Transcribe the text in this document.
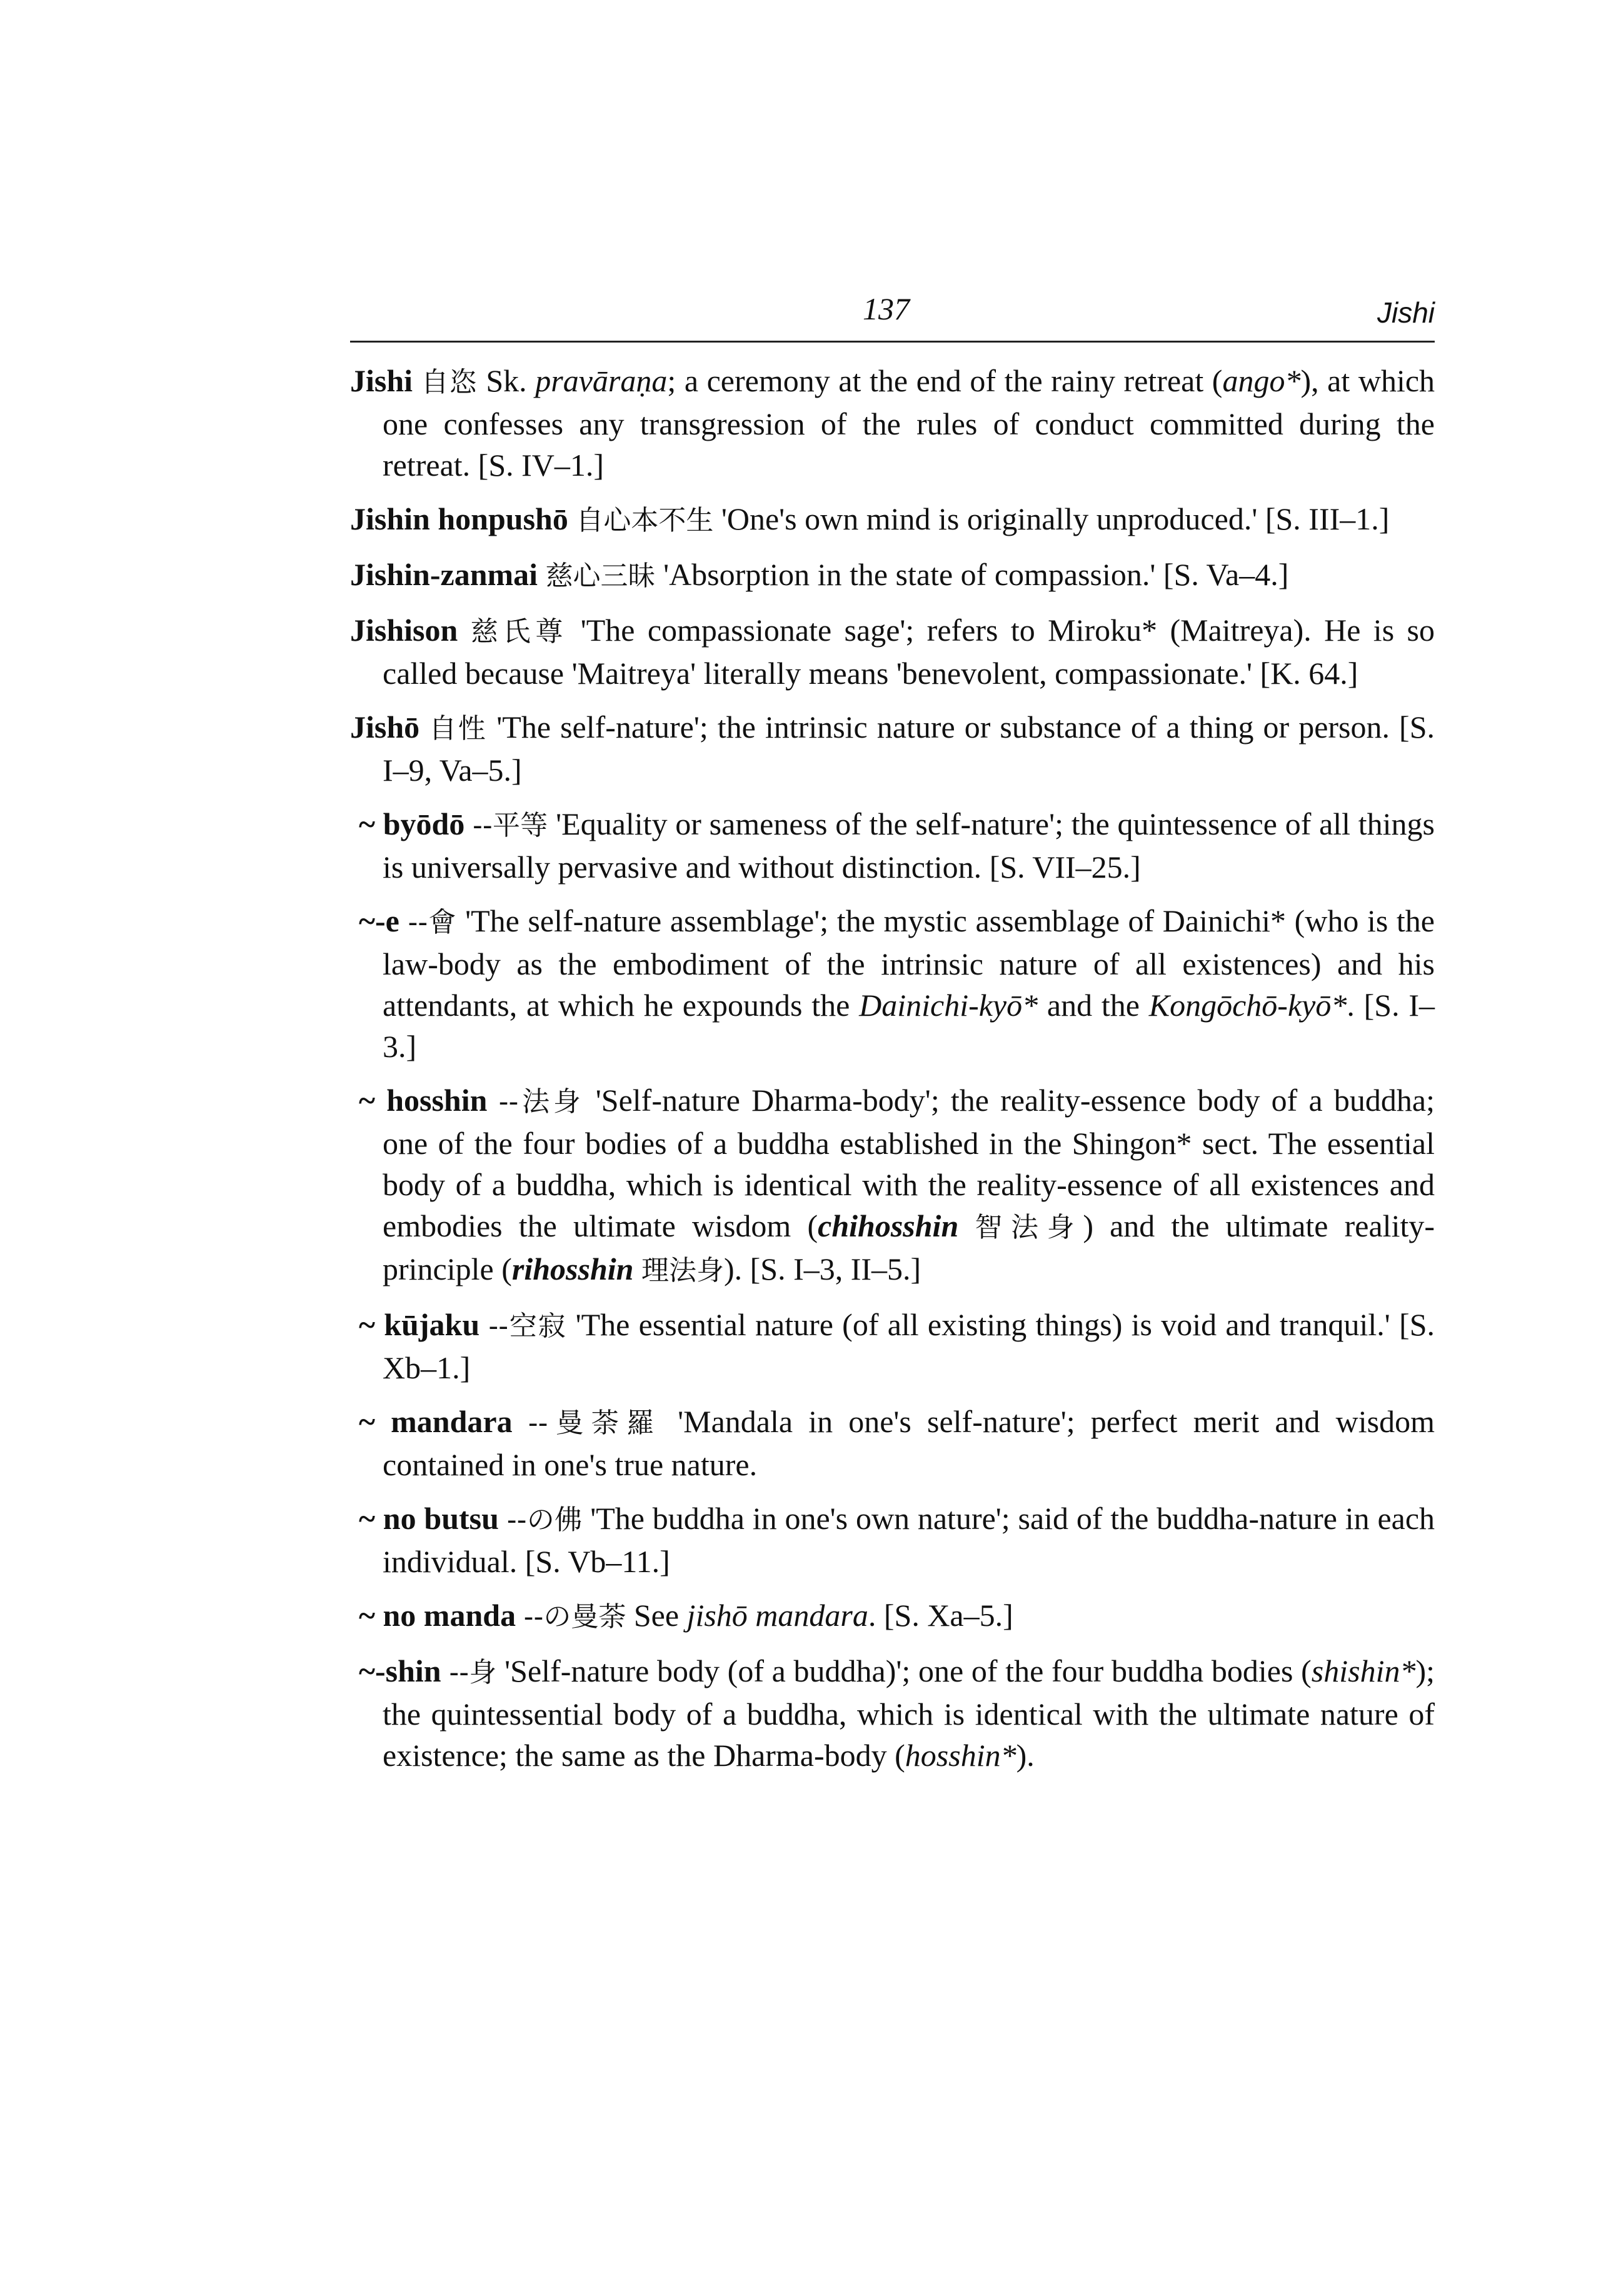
137	Jishi
Jishi 自恣 Sk. pravāraṇa; a ceremony at the end of the rainy retreat (ango*), at which one confesses any transgression of the rules of conduct committed during the retreat. [S. IV–1.]
Jishin honpushō 自心本不生 'One's own mind is originally unproduced.' [S. III–1.]
Jishin-zanmai 慈心三昧 'Absorption in the state of compassion.' [S. Va–4.]
Jishison 慈氏尊 'The compassionate sage'; refers to Miroku* (Maitreya). He is so called because 'Maitreya' literally means 'benevolent, compassionate.' [K. 64.]
Jishō 自性 'The self-nature'; the intrinsic nature or substance of a thing or person. [S. I–9, Va–5.]
~ byōdō --平等 'Equality or sameness of the self-nature'; the quintessence of all things is universally pervasive and without distinction. [S. VII–25.]
~-e --會 'The self-nature assemblage'; the mystic assemblage of Dainichi* (who is the law-body as the embodiment of the intrinsic nature of all existences) and his attendants, at which he expounds the Dainichi-kyō* and the Kongōchō-kyō*. [S. I–3.]
~ hosshin --法身 'Self-nature Dharma-body'; the reality-essence body of a buddha; one of the four bodies of a buddha established in the Shingon* sect. The essential body of a buddha, which is identical with the reality-essence of all existences and embodies the ultimate wisdom (chihosshin 智法身) and the ultimate reality-principle (rihosshin 理法身). [S. I–3, II–5.]
~ kūjaku --空寂 'The essential nature (of all existing things) is void and tranquil.' [S. Xb–1.]
~ mandara --曼荼羅 'Mandala in one's self-nature'; perfect merit and wisdom contained in one's true nature.
~ no butsu --の佛 'The buddha in one's own nature'; said of the buddha-nature in each individual. [S. Vb–11.]
~ no manda --の曼荼 See jishō mandara. [S. Xa–5.]
~-shin --身 'Self-nature body (of a buddha)'; one of the four buddha bodies (shishin*); the quintessential body of a buddha, which is identical with the ultimate nature of existence; the same as the Dharma-body (hosshin*).
